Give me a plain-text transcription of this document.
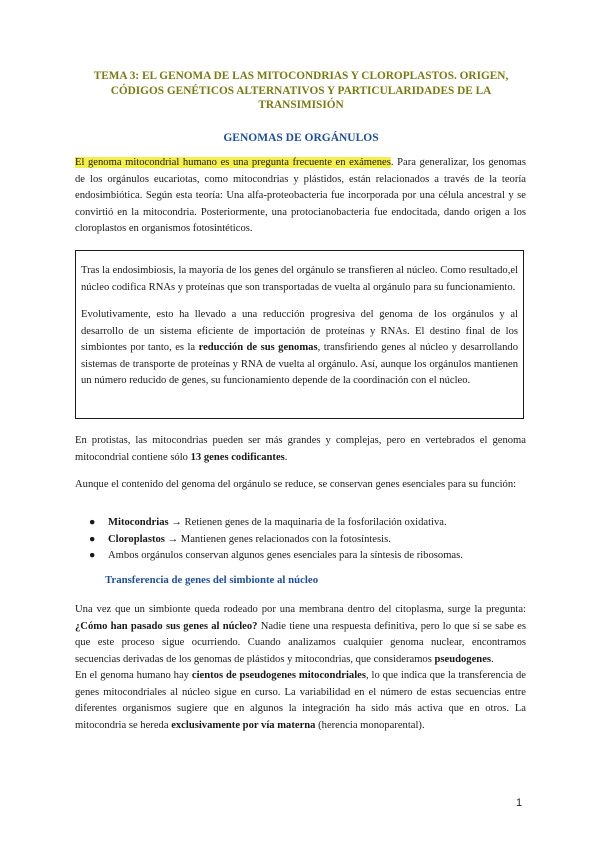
TEMA 3: EL GENOMA DE LAS MITOCONDRIAS Y CLOROPLASTOS. ORIGEN,
CÓDIGOS GENÉTICOS ALTERNATIVOS Y PARTICULARIDADES DE LA
TRANSIMISIÓN
GENOMAS DE ORGÁNULOS

El genoma mitocondrial humano es una pregunta frecuente en exámenes. Para generalizar, los genomas de los orgánulos eucariotas, como mitocondrias y plástidos, están relacionados a través de la teoría endosimbiótica. Según esta teoría: Una alfa-proteobacteria fue incorporada por una célula ancestral y se convirtió en la mitocondria. Posteriormente, una protocianobacteria fue endocitada, dando origen a los cloroplastos en organismos fotosintéticos.

Tras la endosimbiosis, la mayoría de los genes del orgánulo se transfieren al núcleo. Como resultado,el núcleo codifica RNAs y proteínas que son transportadas de vuelta al orgánulo para su funcionamiento.

Evolutivamente, esto ha llevado a una reducción progresiva del genoma de los orgánulos y al desarrollo de un sistema eficiente de importación de proteínas y RNAs. El destino final de los simbiontes por tanto, es la reducción de sus genomas, transfiriendo genes al núcleo y desarrollando sistemas de transporte de proteínas y RNA de vuelta al orgánulo. Así, aunque los orgánulos mantienen un número reducido de genes, su funcionamiento depende de la coordinación con el núcleo.

En protistas, las mitocondrias pueden ser más grandes y complejas, pero en vertebrados el genoma mitocondrial contiene sólo 13 genes codificantes.

Aunque el contenido del genoma del orgánulo se reduce, se conservan genes esenciales para su función:

● Mitocondrias → Retienen genes de la maquinaria de la fosforilación oxidativa.
● Cloroplastos → Mantienen genes relacionados con la fotosíntesis.
● Ambos orgánulos conservan algunos genes esenciales para la síntesis de ribosomas.
Transferencia de genes del simbionte al núcleo

Una vez que un simbionte queda rodeado por una membrana dentro del citoplasma, surge la pregunta: ¿Cómo han pasado sus genes al núcleo? Nadie tiene una respuesta definitiva, pero lo que sí se sabe es que este proceso sigue ocurriendo. Cuando analizamos cualquier genoma nuclear, encontramos secuencias derivadas de los genomas de plástidos y mitocondrias, que consideramos pseudogenes.

En el genoma humano hay cientos de pseudogenes mitocondriales, lo que indica que la transferencia de genes mitocondriales al núcleo sigue en curso. La variabilidad en el número de estas secuencias entre diferentes organismos sugiere que en algunos la integración ha sido más activa que en otros. La mitocondria se hereda exclusivamente por vía materna (herencia monoparental).

1
